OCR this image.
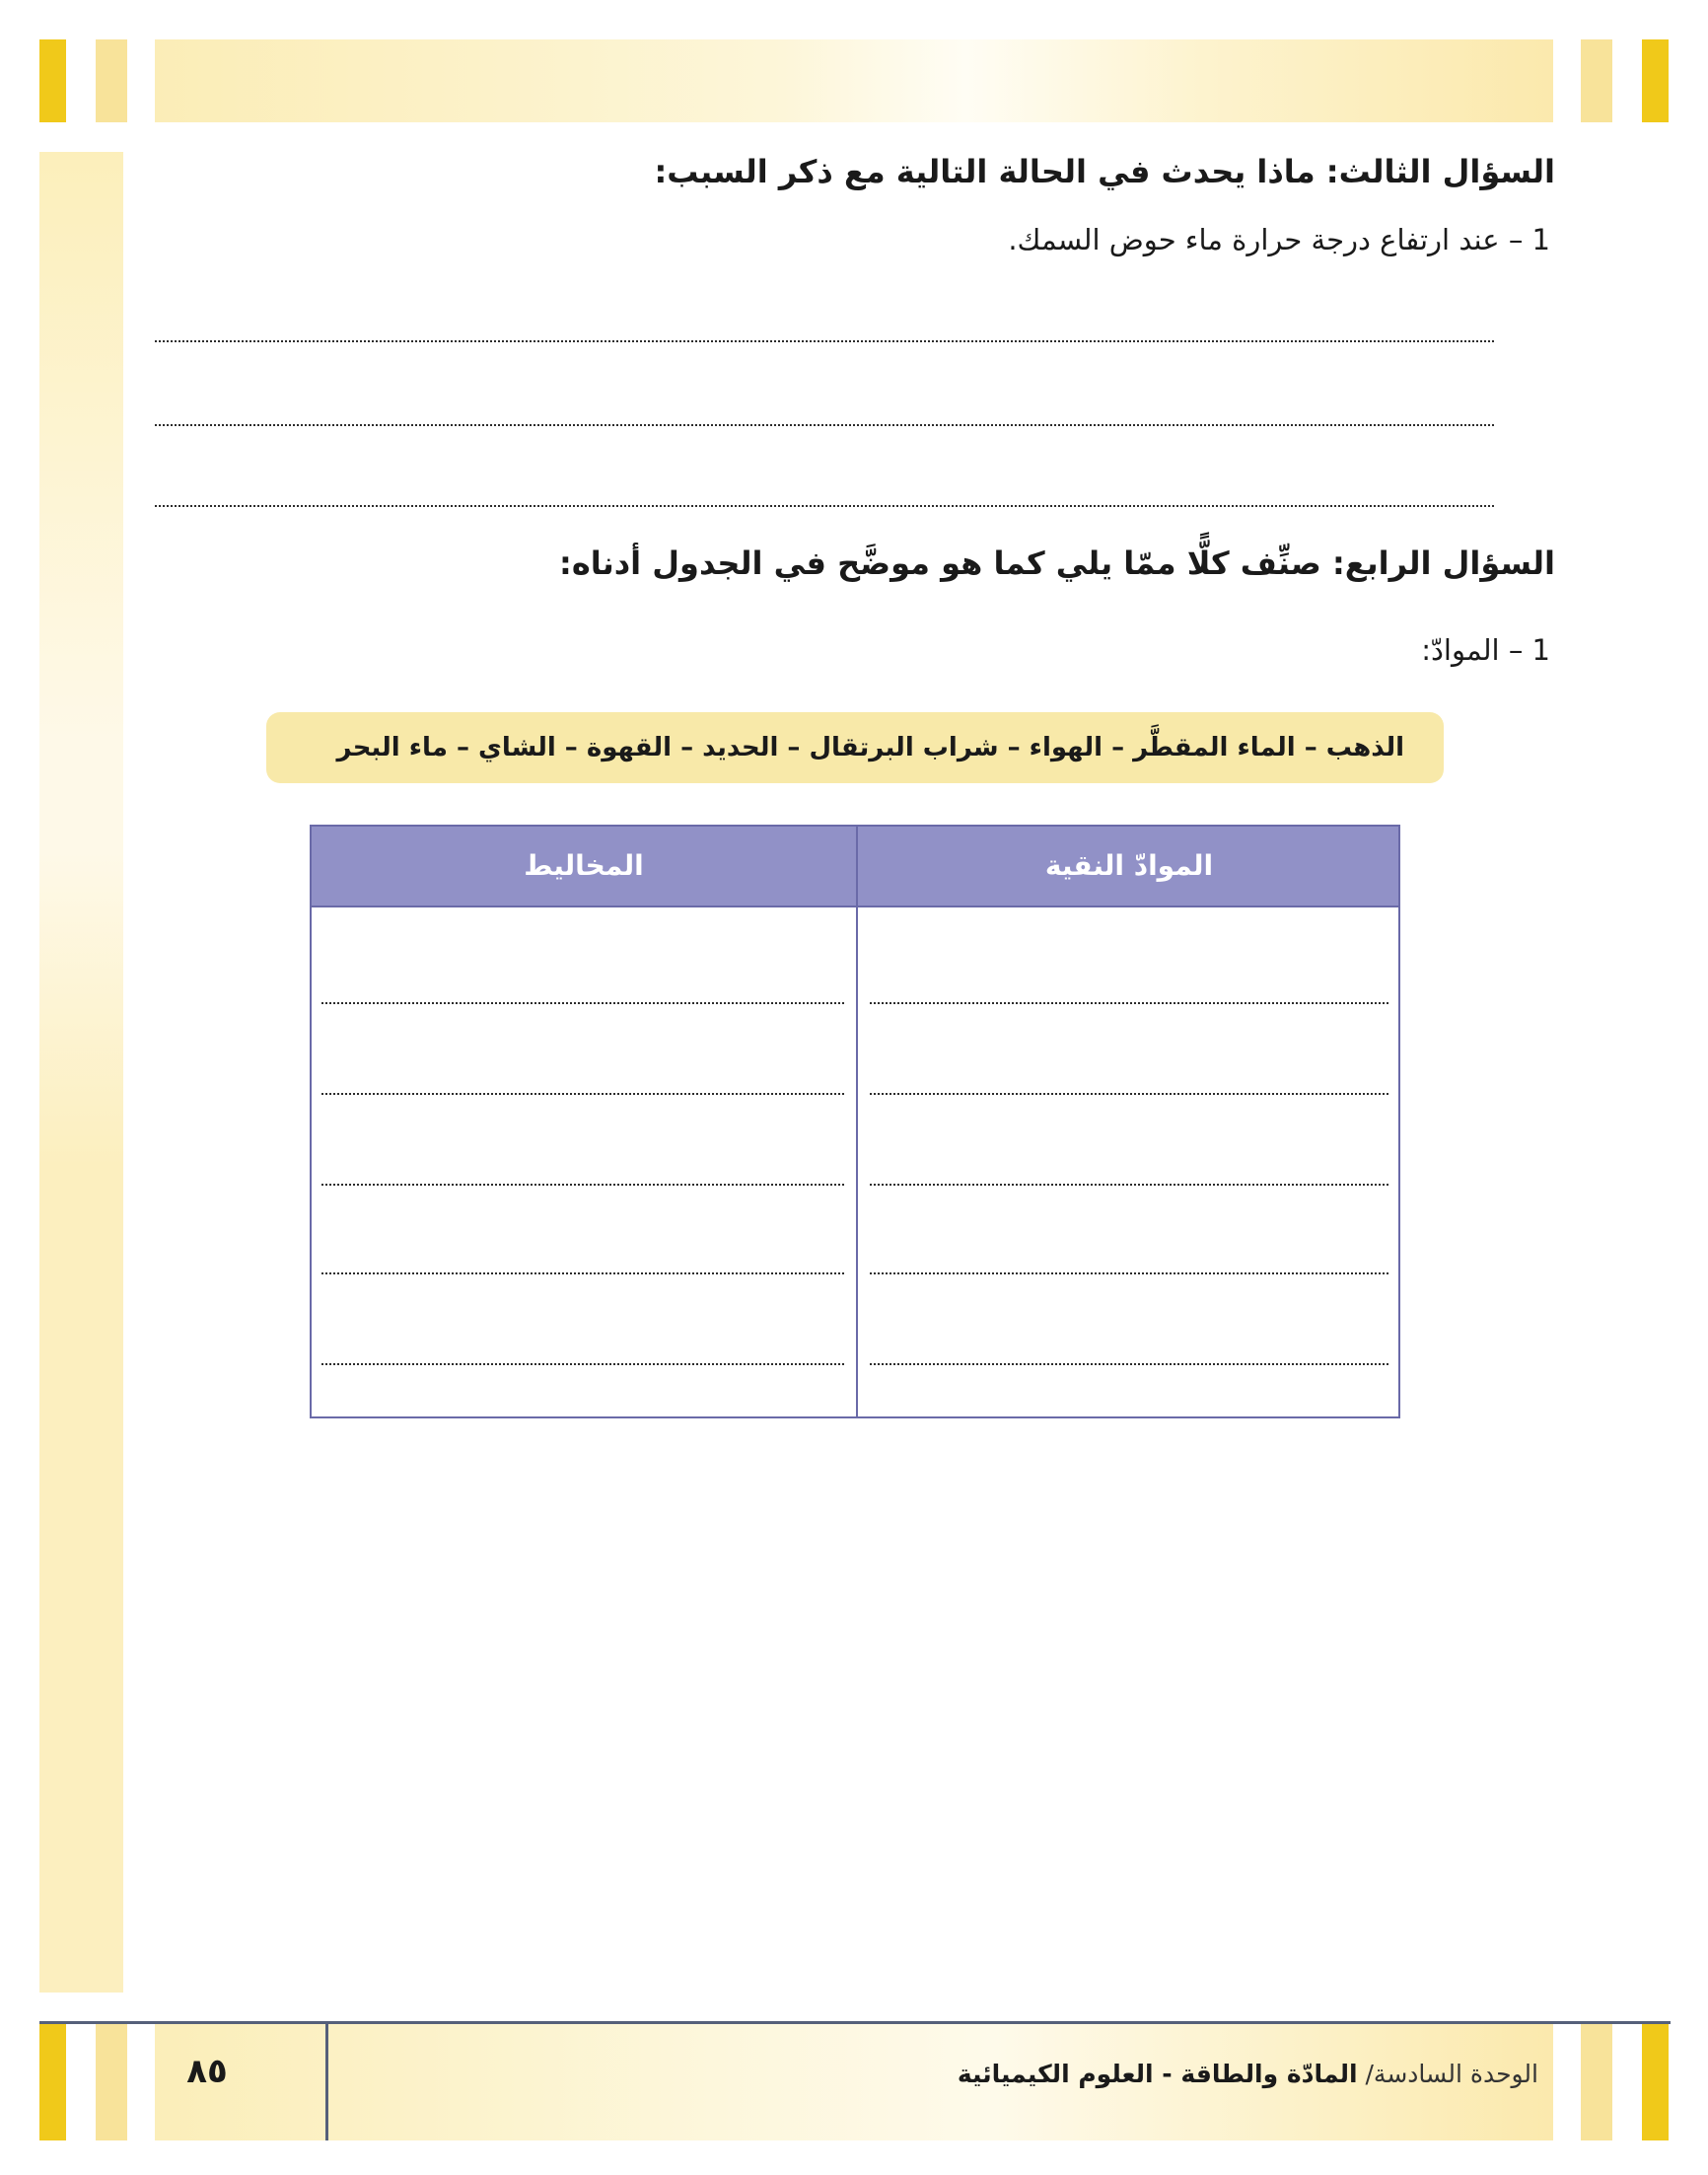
السؤال الثالث: ماذا يحدث في الحالة التالية مع ذكر السبب:
1 – عند ارتفاع درجة حرارة ماء حوض السمك.
السؤال الرابع: صنِّف كلًّا ممّا يلي كما هو موضَّح في الجدول أدناه:
1 – الموادّ:
الذهب – الماء المقطَّر – الهواء – شراب البرتقال – الحديد – القهوة – الشاي – ماء البحر
الموادّ النقية
المخاليط
٨٥	الوحدة السادسة/ المادّة والطاقة - العلوم الكيميائية
